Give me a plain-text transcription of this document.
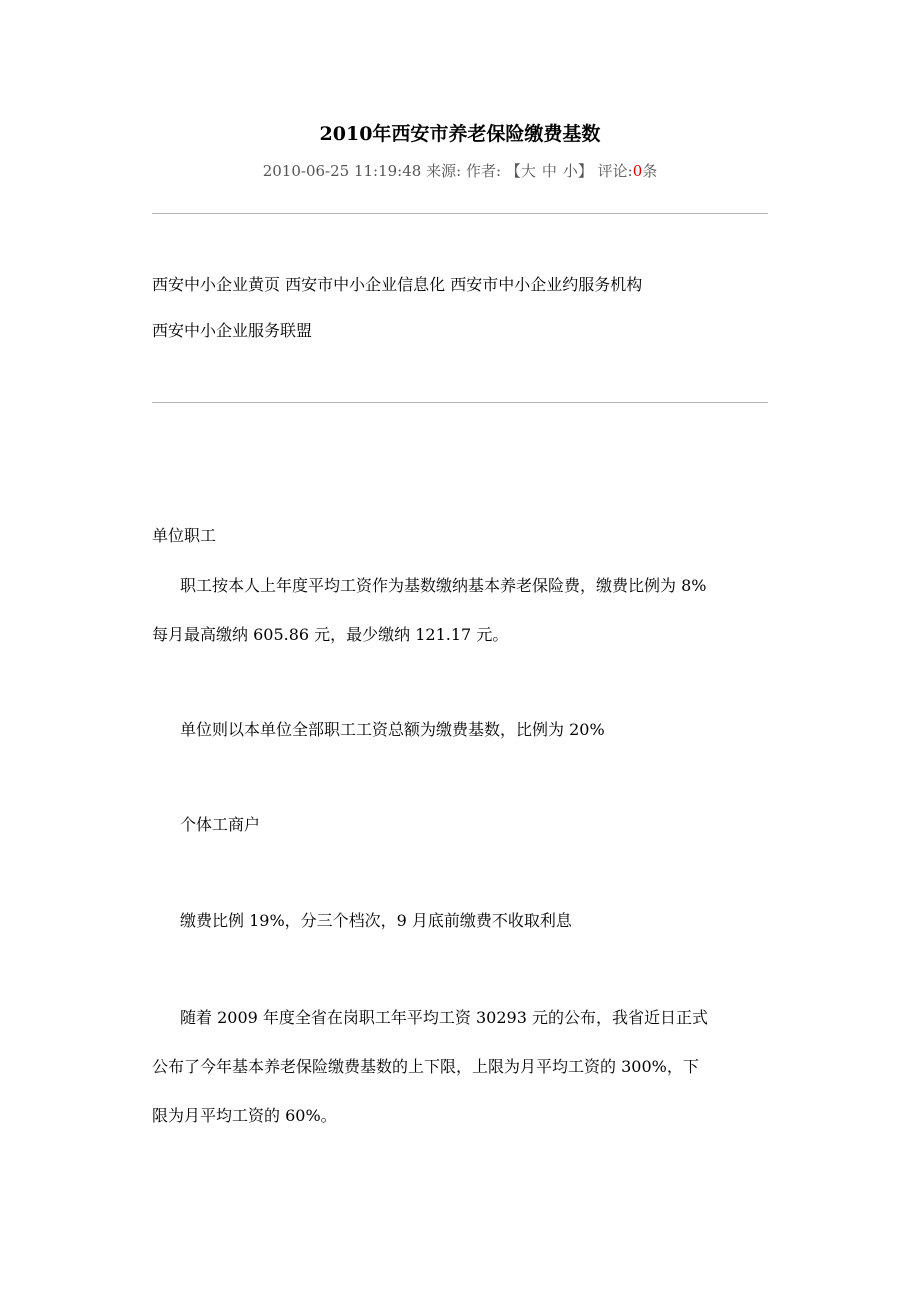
2010年西安市养老保险缴费基数
2010-06-25 11:19:48 来源: 作者: 【大 中 小】 评论:0条
西安中小企业黄页 西安市中小企业信息化 西安市中小企业约服务机构 西安中小企业服务联盟
单位职工
职工按本人上年度平均工资作为基数缴纳基本养老保险费，缴费比例为 8%
每月最高缴纳 605.86 元，最少缴纳 121.17 元。
单位则以本单位全部职工工资总额为缴费基数，比例为 20%
个体工商户
缴费比例 19%，分三个档次，9 月底前缴费不收取利息
随着 2009 年度全省在岗职工年平均工资 30293 元的公布，我省近日正式
公布了今年基本养老保险缴费基数的上下限，上限为月平均工资的 300%，下
限为月平均工资的 60%。
